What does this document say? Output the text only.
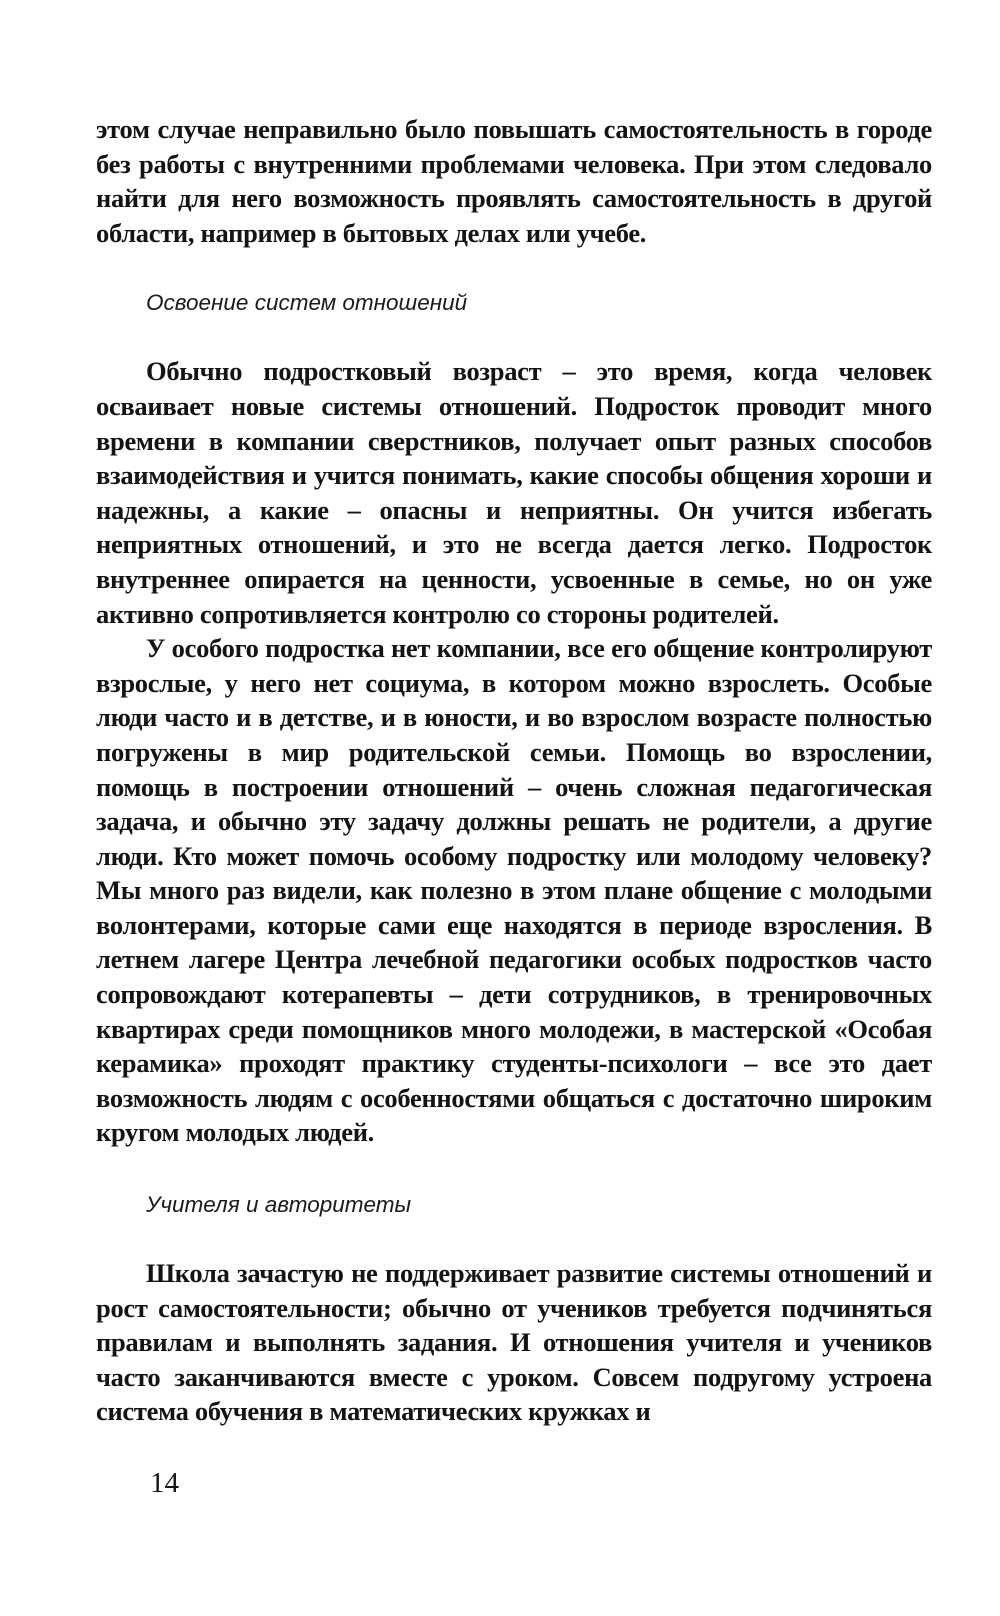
этом случае неправильно было повышать самостоятельность в городе без работы с внутренними проблемами человека. При этом следовало найти для него возможность проявлять самостоятельность в другой области, например в бытовых делах или учебе.

Освоение систем отношений

Обычно подростковый возраст – это время, когда человек осваивает новые системы отношений. Подросток проводит много времени в компании сверстников, получает опыт разных способов взаимодействия и учится понимать, какие способы общения хороши и надежны, а какие – опасны и неприятны. Он учится избегать неприятных отношений, и это не всегда дается легко. Подросток внутреннее опирается на ценности, усвоенные в семье, но он уже активно сопротивляется контролю со стороны родителей.

У особого подростка нет компании, все его общение контролируют взрослые, у него нет социума, в котором можно взрослеть. Особые люди часто и в детстве, и в юности, и во взрослом возрасте полностью погружены в мир родительской семьи. Помощь во взрослении, помощь в построении отношений – очень сложная педагогическая задача, и обычно эту задачу должны решать не родители, а другие люди. Кто может помочь особому подростку или молодому человеку? Мы много раз видели, как полезно в этом плане общение с молодыми волонтерами, которые сами еще находятся в периоде взросления. В летнем лагере Центра лечебной педагогики особых подростков часто сопровождают котерапевты – дети сотрудников, в тренировочных квартирах среди помощников много молодежи, в мастерской «Особая керамика» проходят практику студенты-психологи – все это дает возможность людям с особенностями общаться с достаточно широким кругом молодых людей.

Учителя и авторитеты

Школа зачастую не поддерживает развитие системы отношений и рост самостоятельности; обычно от учеников требуется подчиняться правилам и выполнять задания. И отношения учителя и учеников часто заканчиваются вместе с уроком. Совсем подругому устроена система обучения в математических кружках и

14
